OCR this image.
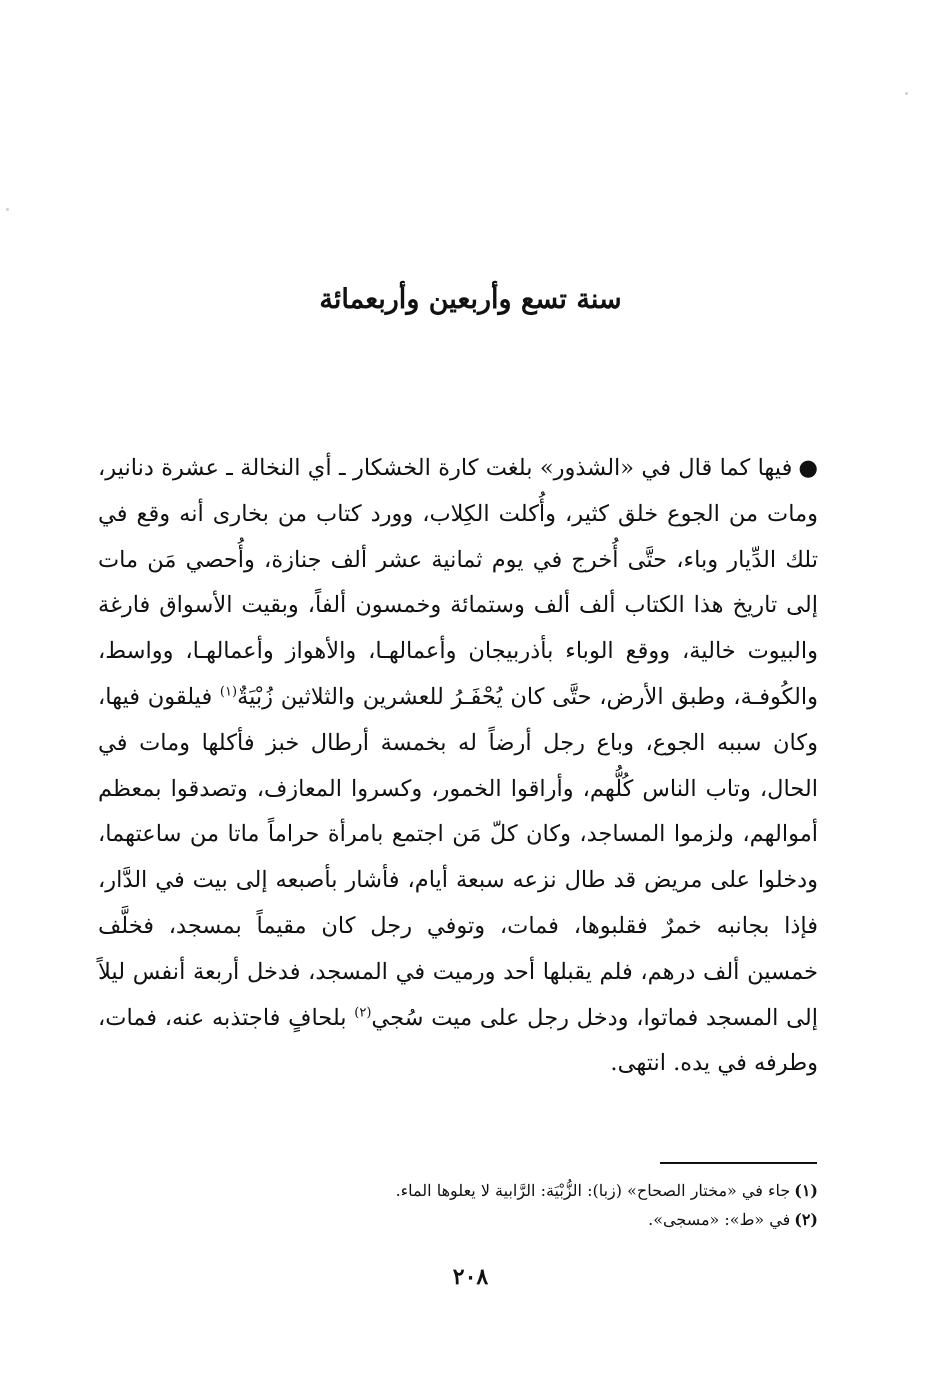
سنة تسع وأربعين وأربعمائة
●فيها كما قال في «الشذور» بلغت كارة الخشكار ـ أي النخالة ـ عشرة دنانير، ومات من الجوع خلق كثير، وأُكلت الكِلاب، وورد كتاب من بخارى أنه وقع في تلك الدِّيار وباء، حتَّى أُخرج في يوم ثمانية عشر ألف جنازة، وأُحصي مَن مات إلى تاريخ هذا الكتاب ألف ألف وستمائة وخمسون ألفاً، وبقيت الأسواق فارغة والبيوت خالية، ووقع الوباء بأذربيجان وأعمالهـا، والأهواز وأعمالهـا، وواسط، والكُوفـة، وطبق الأرض، حتَّى كان يُحْفَـرُ للعشرين والثلاثين زُبْيَةٌ$^{(١)}$ فيلقون فيها، وكان سببه الجوع، وباع رجل أرضاً له بخمسة أرطال خبز فأكلها ومات في الحال، وتاب الناس كُلُّهم، وأراقوا الخمور، وكسروا المعازف، وتصدقوا بمعظم أموالهم، ولزموا المساجد، وكان كلّ مَن اجتمع بامرأة حراماً ماتا من ساعتهما، ودخلوا على مريض قد طال نزعه سبعة أيام، فأشار بأصبعه إلى بيت في الدَّار، فإذا بجانبه خمرٌ فقلبوها، فمات، وتوفي رجل كان مقيماً بمسجد، فخلَّف خمسين ألف درهم، فلم يقبلها أحد ورميت في المسجد، فدخل أربعة أنفس ليلاً إلى المسجد فماتوا، ودخل رجل على ميت سُجي$^{(٢)}$ بلحافٍ فاجتذبه عنه، فمات، وطرفه في يده. انتهى.
(١)جاء في «مختار الصحاح» (زبا): الزُّبْيَة: الرَّابية لا يعلوها الماء.
(٢)في «ط»: «مسجى».
٢٠٨
